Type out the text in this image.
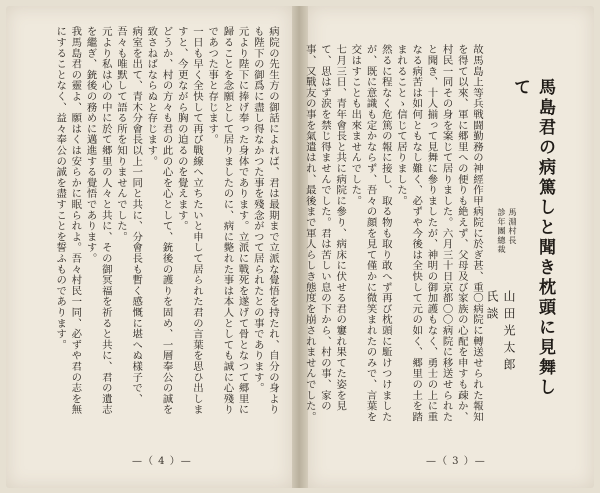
馬島君の病篤しと聞き枕頭に見舞して
馬淵村長
診年團總裁
山田光太郎氏談

故馬島上等兵戦闘勤務の神經作甲病院に於ぎ甚、重〇病院に轉送せられた報知を得て以來、軍に郷里への便りも絶えず、父母及び家族の心配を申すも疎か、村民一同その身を案じて居りました。六月三十日京都〇〇病院に移送せられたと聞き、十人揃って見舞に參りましたが、神明の御加護もなく、勇士の上に重なる病苦は如何ともなし難く、必ずや今後は全快して元の如く、郷里の土を踏まれることゝ信じて居りました。

然るに程なく危篤の報に接し、取る物も取り敢へず再び枕頭に駈けつけましたが、既に意識も定かならず、吾々の顔を見て僅かに微笑まれたのみで、言葉を交はすことも出來ませんでした。

七月三日、青年會長と共に病院に參り、病床に伏せる君の窶れ果てた姿を見て、思はず涙を禁じ得ませんでした。君は苦しい息の下から、村の事、家の事、又戰友の事を氣遣はれ、最後まで軍人らしき態度を崩されませんでした。

病院の先生方の御話によれば、君は最期まで立派な覺悟を持たれ、自分の身よりも陛下の御爲に盡し得なかつた事を殘念がつて居られたとの事であります。

元より陛下に捧げ奉った身体であります。立派に戰死を遂げて骨となつて郷里に歸ることを念願として居りましたのに、病に斃れた事は本人としても誠に心殘りであつた事と存じます。

一日も早く全快して再び戰線へ立ちたいと申して居られた君の言葉を思ひ出しますと、今更ながら胸の迫るのを覺えます。

どうか、村の方々も君の此の心を心として、銃後の護りを固め、一層奉公の誠を致さねばならぬと存じます。

病室を出て、青木分會長以上一同と共に、分會長も暫く感慨に堪へぬ樣子で、吾々も唯默して語る所を知りませんでした。

元より私は心の中に於て郷里の人々と共に、その御冥福を祈ると共に、君の遺志を繼ぎ、銃後の務めに邁進する覺悟であります。

我馬島君の靈よ、願はくは安らかに眠られよ。吾々村民一同、必ずや君の志を無にすることなく、益々奉公の誠を盡すことを誓ふものであります。

—（ 4 ）—	—（ 3 ）—
